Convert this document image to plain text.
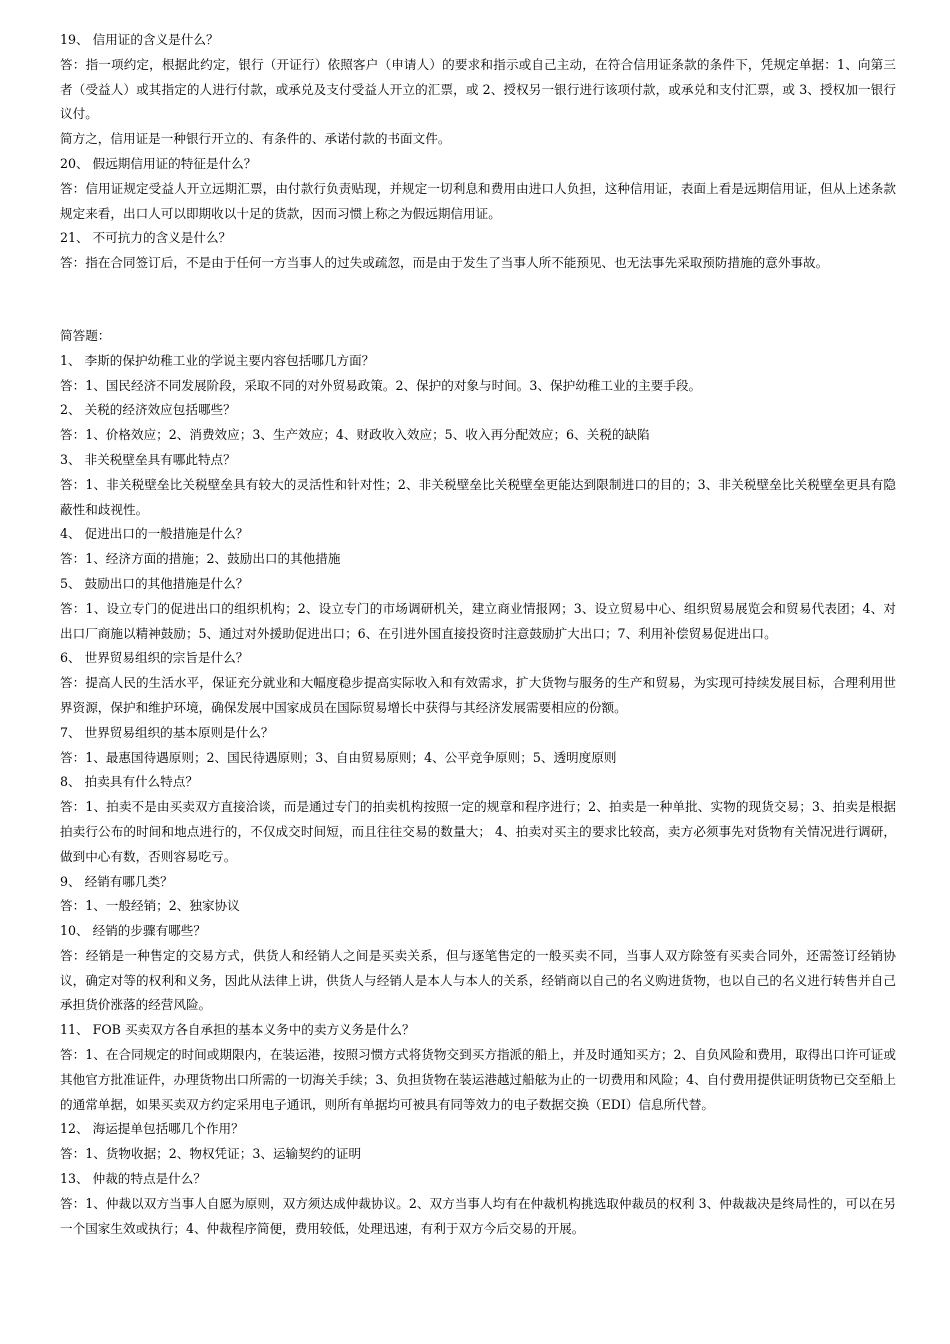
19、 信用证的含义是什么？

答：指一项约定，根据此约定，银行（开证行）依照客户（申请人）的要求和指示或自己主动，在符合信用证条款的条件下，凭规定单据：1、向第三者（受益人）或其指定的人进行付款，或承兑及支付受益人开立的汇票，或 2、授权另一银行进行该项付款，或承兑和支付汇票，或 3、授权加一银行议付。

简方之，信用证是一种银行开立的、有条件的、承诺付款的书面文件。

20、 假远期信用证的特征是什么？

答：信用证规定受益人开立远期汇票，由付款行负责贴现，并规定一切利息和费用由进口人负担，这种信用证，表面上看是远期信用证，但从上述条款规定来看，出口人可以即期收以十足的货款，因而习惯上称之为假远期信用证。

21、 不可抗力的含义是什么？

答：指在合同签订后，不是由于任何一方当事人的过失或疏忽，而是由于发生了当事人所不能预见、也无法事先采取预防措施的意外事故。

简答题：

1、 李斯的保护幼稚工业的学说主要内容包括哪几方面？

答：1、国民经济不同发展阶段，采取不同的对外贸易政策。2、保护的对象与时间。3、保护幼稚工业的主要手段。

2、 关税的经济效应包括哪些？

答：1、价格效应；2、消费效应；3、生产效应；4、财政收入效应；5、收入再分配效应；6、关税的缺陷

3、 非关税壁垒具有哪此特点？

答：1、非关税壁垒比关税壁垒具有较大的灵活性和针对性；2、非关税壁垒比关税壁垒更能达到限制进口的目的；3、非关税壁垒比关税壁垒更具有隐蔽性和歧视性。

4、 促进出口的一般措施是什么？

答：1、经济方面的措施；2、鼓励出口的其他措施

5、 鼓励出口的其他措施是什么？

答：1、设立专门的促进出口的组织机构；2、设立专门的市场调研机关，建立商业情报网；3、设立贸易中心、组织贸易展览会和贸易代表团；4、对出口厂商施以精神鼓励；5、通过对外援助促进出口；6、在引进外国直接投资时注意鼓励扩大出口；7、利用补偿贸易促进出口。

6、 世界贸易组织的宗旨是什么？

答：提高人民的生活水平，保证充分就业和大幅度稳步提高实际收入和有效需求，扩大货物与服务的生产和贸易，为实现可持续发展目标，合理利用世界资源，保护和维护环境，确保发展中国家成员在国际贸易增长中获得与其经济发展需要相应的份额。

7、 世界贸易组织的基本原则是什么？

答：1、最惠国待遇原则；2、国民待遇原则；3、自由贸易原则；4、公平竞争原则；5、透明度原则

8、 拍卖具有什么特点？

答：1、拍卖不是由买卖双方直接洽谈，而是通过专门的拍卖机构按照一定的规章和程序进行；2、拍卖是一种单批、实物的现货交易；3、拍卖是根据拍卖行公布的时间和地点进行的，不仅成交时间短，而且往往交易的数量大； 4、拍卖对买主的要求比较高，卖方必须事先对货物有关情况进行调研，做到中心有数，否则容易吃亏。

9、 经销有哪几类？

答：1、一般经销；2、独家协议

10、 经销的步骤有哪些？

答：经销是一种售定的交易方式，供货人和经销人之间是买卖关系，但与逐笔售定的一般买卖不同，当事人双方除签有买卖合同外，还需签订经销协议，确定对等的权利和义务，因此从法律上讲，供货人与经销人是本人与本人的关系，经销商以自己的名义购进货物，也以自己的名义进行转售并自己承担货价涨落的经营风险。

11、 FOB 买卖双方各自承担的基本义务中的卖方义务是什么？

答：1、在合同规定的时间或期限内，在装运港，按照习惯方式将货物交到买方指派的船上，并及时通知买方；2、自负风险和费用，取得出口许可证或其他官方批准证件，办理货物出口所需的一切海关手续；3、负担货物在装运港越过船舷为止的一切费用和风险；4、自付费用提供证明货物已交至船上的通常单据，如果买卖双方约定采用电子通讯，则所有单据均可被具有同等效力的电子数据交换（EDI）信息所代替。

12、 海运提单包括哪几个作用？

答：1、货物收据；2、物权凭证；3、运输契约的证明

13、 仲裁的特点是什么？

答：1、仲裁以双方当事人自愿为原则，双方须达成仲裁协议。2、双方当事人均有在仲裁机构挑选取仲裁员的权利 3、仲裁裁决是终局性的，可以在另一个国家生效或执行；4、仲裁程序简便，费用较低，处理迅速，有利于双方今后交易的开展。
